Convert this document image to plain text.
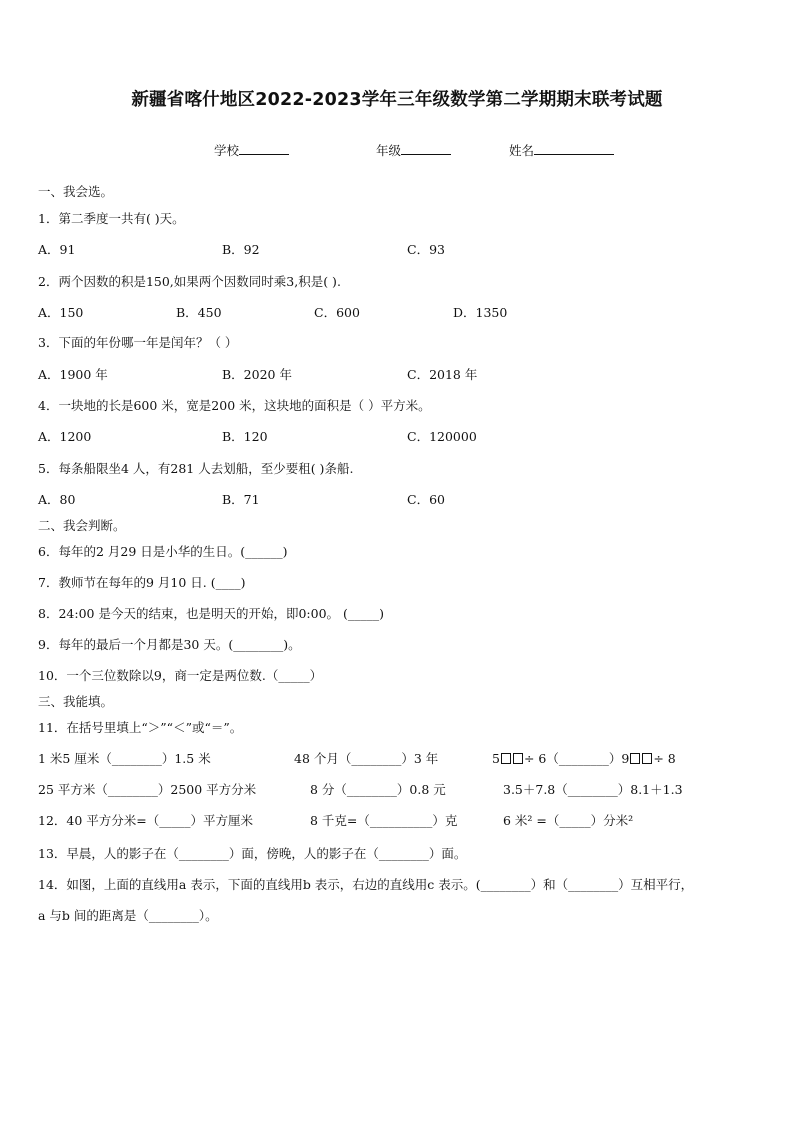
新疆省喀什地区2022-2023学年三年级数学第二学期期末联考试题
学校	年级	姓名
一、我会选。
1．第二季度一共有( )天。
A．91	B．92	C．93
2．两个因数的积是150,如果两个因数同时乘3,积是( ).
A．150	B．450	C．600	D．1350
3．下面的年份哪一年是闰年？（ ）
A．1900 年	B．2020 年	C．2018 年
4．一块地的长是600 米，宽是200 米，这块地的面积是（ ）平方米。
A．1200	B．120	C．120000
5．每条船限坐4 人，有281 人去划船，至少要租( )条船.
A．80	B．71	C．60
二、我会判断。
6．每年的2 月29 日是小华的生日。(______)
7．教师节在每年的9 月10 日. (____)
8．24:00 是今天的结束，也是明天的开始，即0:00。 (_____)
9．每年的最后一个月都是30 天。(________)。
10．一个三位数除以9，商一定是两位数.（_____）
三、我能填。
11．在括号里填上“＞”“＜”或“＝”。
1 米5 厘米（________）1.5 米	48 个月（________）3 年	5 ÷ 6（________）9 ÷ 8
25 平方米（________）2500 平方分米	8 分（________）0.8 元	3.5＋7.8（________）8.1＋1.3
12．40 平方分米=（_____）平方厘米	8 千克=（__________）克	6 米² =（_____）分米²
13．早晨，人的影子在（________）面，傍晚，人的影子在（________）面。
14．如图，上面的直线用a 表示，下面的直线用b 表示，右边的直线用c 表示。(________）和（________）互相平行，
a 与b 间的距离是（________）。
